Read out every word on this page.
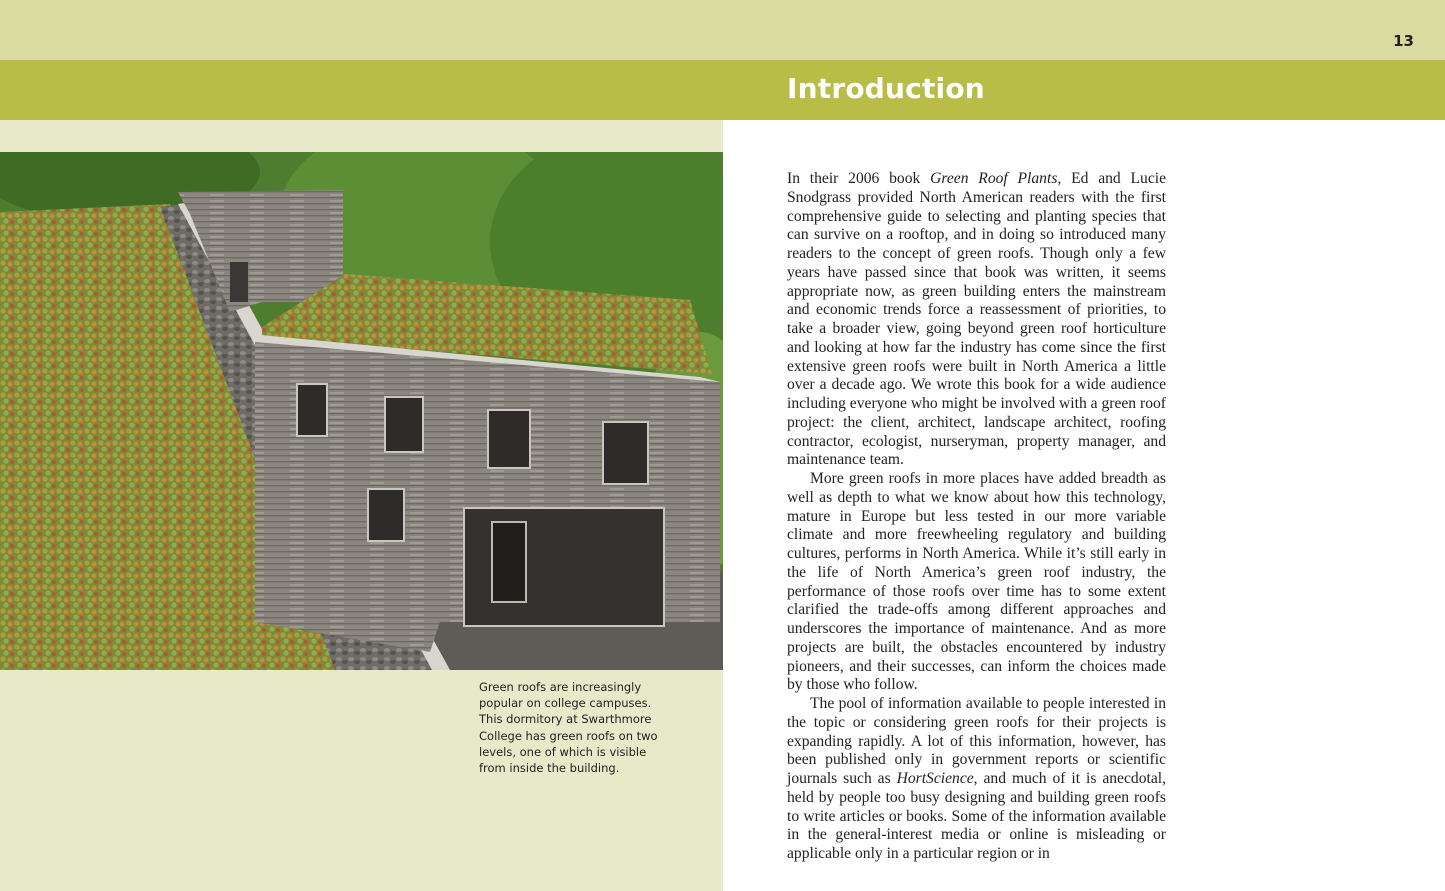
13
Introduction

Green roofs are increasingly popular on college campuses. This dormitory at Swarthmore College has green roofs on two levels, one of which is visible from inside the building.

In their 2006 book Green Roof Plants, Ed and Lucie Snodgrass provided North American readers with the first comprehensive guide to selecting and planting species that can survive on a rooftop, and in doing so introduced many readers to the concept of green roofs. Though only a few years have passed since that book was written, it seems appropriate now, as green building enters the mainstream and economic trends force a reassessment of priorities, to take a broader view, going beyond green roof horticulture and looking at how far the industry has come since the first extensive green roofs were built in North America a little over a decade ago. We wrote this book for a wide audience including everyone who might be involved with a green roof project: the client, architect, landscape architect, roofing contractor, ecologist, nurseryman, property manager, and maintenance team.

More green roofs in more places have added breadth as well as depth to what we know about how this technology, mature in Europe but less tested in our more variable climate and more freewheeling regulatory and building cultures, performs in North America. While it’s still early in the life of North America’s green roof industry, the performance of those roofs over time has to some extent clarified the trade-offs among different approaches and underscores the importance of maintenance. And as more projects are built, the obstacles encountered by industry pioneers, and their successes, can inform the choices made by those who follow.

The pool of information available to people interested in the topic or considering green roofs for their projects is expanding rapidly. A lot of this information, however, has been published only in government reports or scientific journals such as HortScience, and much of it is anecdotal, held by people too busy designing and building green roofs to write articles or books. Some of the information available in the general-interest media or online is misleading or applicable only in a particular region or in
